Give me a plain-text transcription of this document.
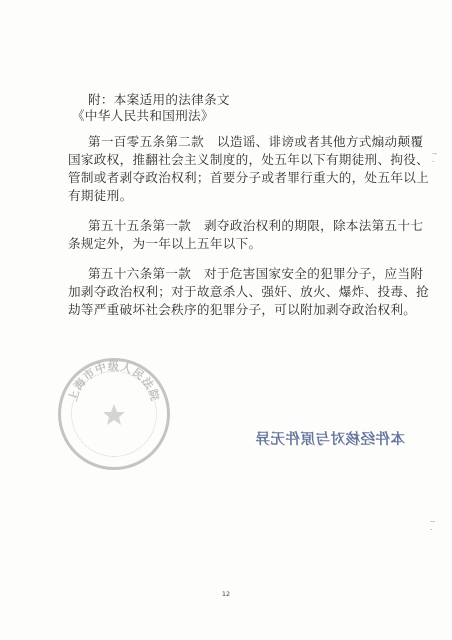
附：本案适用的法律条文
《中华人民共和国刑法》
第一百零五条第二款　以造谣、诽谤或者其他方式煽动颠覆
国家政权，推翻社会主义制度的，处五年以下有期徒刑、拘役、
管制或者剥夺政治权利；首要分子或者罪行重大的，处五年以上
有期徒刑。
第五十五条第一款　剥夺政治权利的期限，除本法第五十七
条规定外，为一年以上五年以下。
第五十六条第一款　对于危害国家安全的犯罪分子，应当附
加剥夺政治权利；对于故意杀人、强奸、放火、爆炸、投毒、抢
劫等严重破坏社会秩序的犯罪分子，可以附加剥夺政治权利。
上海市中级人民法院
本件经核对与原件无异
·-·
·-·
12
